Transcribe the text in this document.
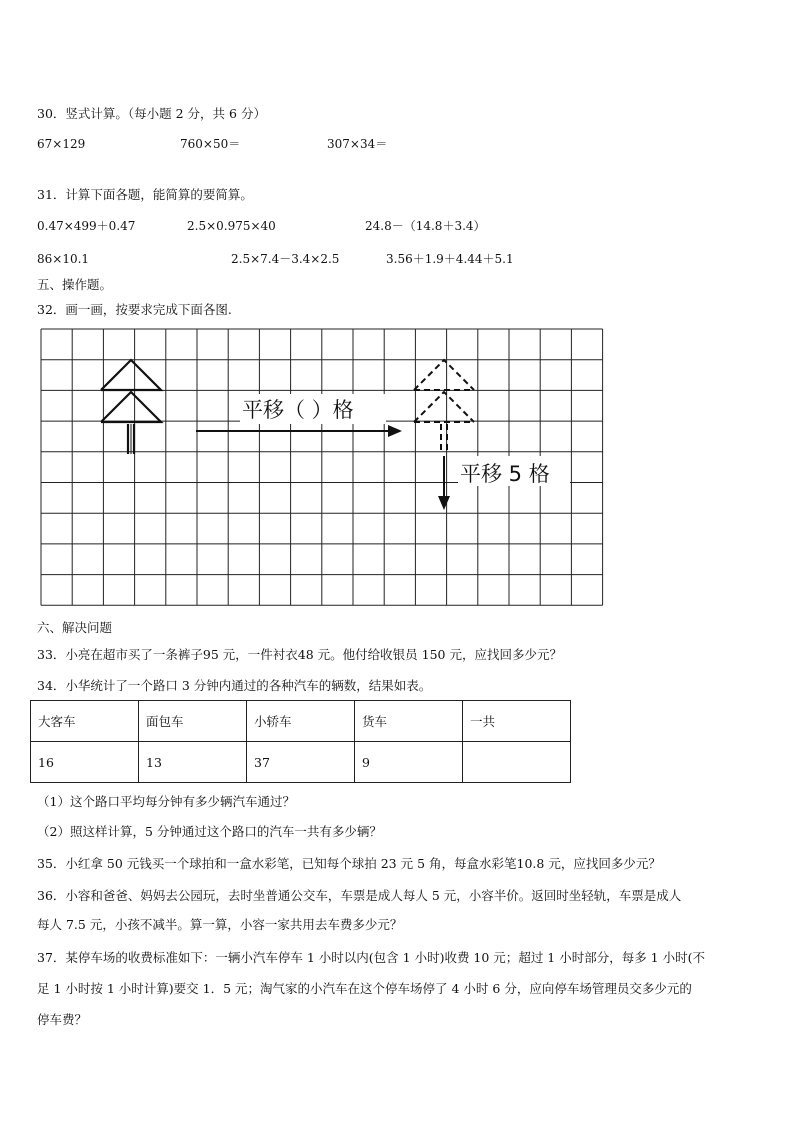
30．竖式计算。（每小题 2 分，共 6 分）
67×129	760×50＝	307×34＝
31．计算下面各题，能简算的要简算。
0.47×499＋0.47	2.5×0.975×40	24.8－（14.8＋3.4）
86×10.1	2.5×7.4－3.4×2.5	3.56＋1.9＋4.44＋5.1
五、操作题。
32．画一画，按要求完成下面各图.
平移（ ）格
平移 5 格
六、解决问题
33．小亮在超市买了一条裤子95 元，一件衬衣48 元。他付给收银员 150 元，应找回多少元？
34．小华统计了一个路口 3 分钟内通过的各种汽车的辆数，结果如表。
大客车	面包车	小轿车	货车	一共
16	13	37	9	
（1）这个路口平均每分钟有多少辆汽车通过？
（2）照这样计算，5 分钟通过这个路口的汽车一共有多少辆？
35．小红拿 50 元钱买一个球拍和一盒水彩笔，已知每个球拍 23 元 5 角，每盒水彩笔10.8 元，应找回多少元？
36．小容和爸爸、妈妈去公园玩，去时坐普通公交车，车票是成人每人 5 元，小容半价。返回时坐轻轨，车票是成人
每人 7.5 元，小孩不减半。算一算，小容一家共用去车费多少元？
37．某停车场的收费标准如下：一辆小汽车停车 1 小时以内(包含 1 小时)收费 10 元；超过 1 小时部分，每多 1 小时(不
足 1 小时按 1 小时计算)要交 1．5 元；淘气家的小汽车在这个停车场停了 4 小时 6 分，应向停车场管理员交多少元的
停车费？
